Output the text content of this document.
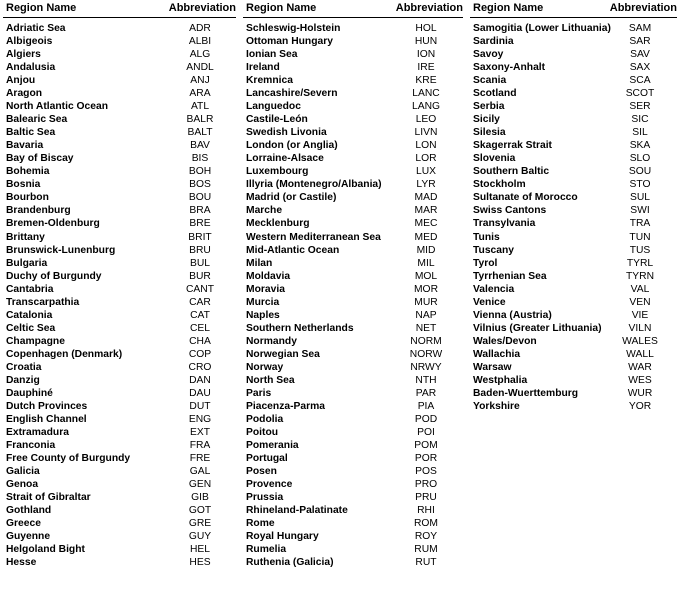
Region Name	Abbreviation
Adriatic Sea	ADR
Albigeois	ALBI
Algiers	ALG
Andalusia	ANDL
Anjou	ANJ
Aragon	ARA
North Atlantic Ocean	ATL
Balearic Sea	BALR
Baltic Sea	BALT
Bavaria	BAV
Bay of Biscay	BIS
Bohemia	BOH
Bosnia	BOS
Bourbon	BOU
Brandenburg	BRA
Bremen-Oldenburg	BRE
Brittany	BRIT
Brunswick-Lunenburg	BRU
Bulgaria	BUL
Duchy of Burgundy	BUR
Cantabria	CANT
Transcarpathia	CAR
Catalonia	CAT
Celtic Sea	CEL
Champagne	CHA
Copenhagen (Denmark)	COP
Croatia	CRO
Danzig	DAN
Dauphiné	DAU
Dutch Provinces	DUT
English Channel	ENG
Extramadura	EXT
Franconia	FRA
Free County of Burgundy	FRE
Galicia	GAL
Genoa	GEN
Strait of Gibraltar	GIB
Gothland	GOT
Greece	GRE
Guyenne	GUY
Helgoland Bight	HEL
Hesse	HES
Region Name	Abbreviation
Schleswig-Holstein	HOL
Ottoman Hungary	HUN
Ionian Sea	ION
Ireland	IRE
Kremnica	KRE
Lancashire/Severn	LANC
Languedoc	LANG
Castile-León	LEO
Swedish Livonia	LIVN
London (or Anglia)	LON
Lorraine-Alsace	LOR
Luxembourg	LUX
Illyria (Montenegro/Albania)	LYR
Madrid (or Castile)	MAD
Marche	MAR
Mecklenburg	MEC
Western Mediterranean Sea	MED
Mid-Atlantic Ocean	MID
Milan	MIL
Moldavia	MOL
Moravia	MOR
Murcia	MUR
Naples	NAP
Southern Netherlands	NET
Normandy	NORM
Norwegian Sea	NORW
Norway	NRWY
North Sea	NTH
Paris	PAR
Piacenza-Parma	PIA
Podolia	POD
Poitou	POI
Pomerania	POM
Portugal	POR
Posen	POS
Provence	PRO
Prussia	PRU
Rhineland-Palatinate	RHI
Rome	ROM
Royal Hungary	ROY
Rumelia	RUM
Ruthenia (Galicia)	RUT
Region Name	Abbreviation
Samogitia (Lower Lithuania)	SAM
Sardinia	SAR
Savoy	SAV
Saxony-Anhalt	SAX
Scania	SCA
Scotland	SCOT
Serbia	SER
Sicily	SIC
Silesia	SIL
Skagerrak Strait	SKA
Slovenia	SLO
Southern Baltic	SOU
Stockholm	STO
Sultanate of Morocco	SUL
Swiss Cantons	SWI
Transylvania	TRA
Tunis	TUN
Tuscany	TUS
Tyrol	TYRL
Tyrrhenian Sea	TYRN
Valencia	VAL
Venice	VEN
Vienna (Austria)	VIE
Vilnius (Greater Lithuania)	VILN
Wales/Devon	WALES
Wallachia	WALL
Warsaw	WAR
Westphalia	WES
Baden-Wuerttemburg	WUR
Yorkshire	YOR
